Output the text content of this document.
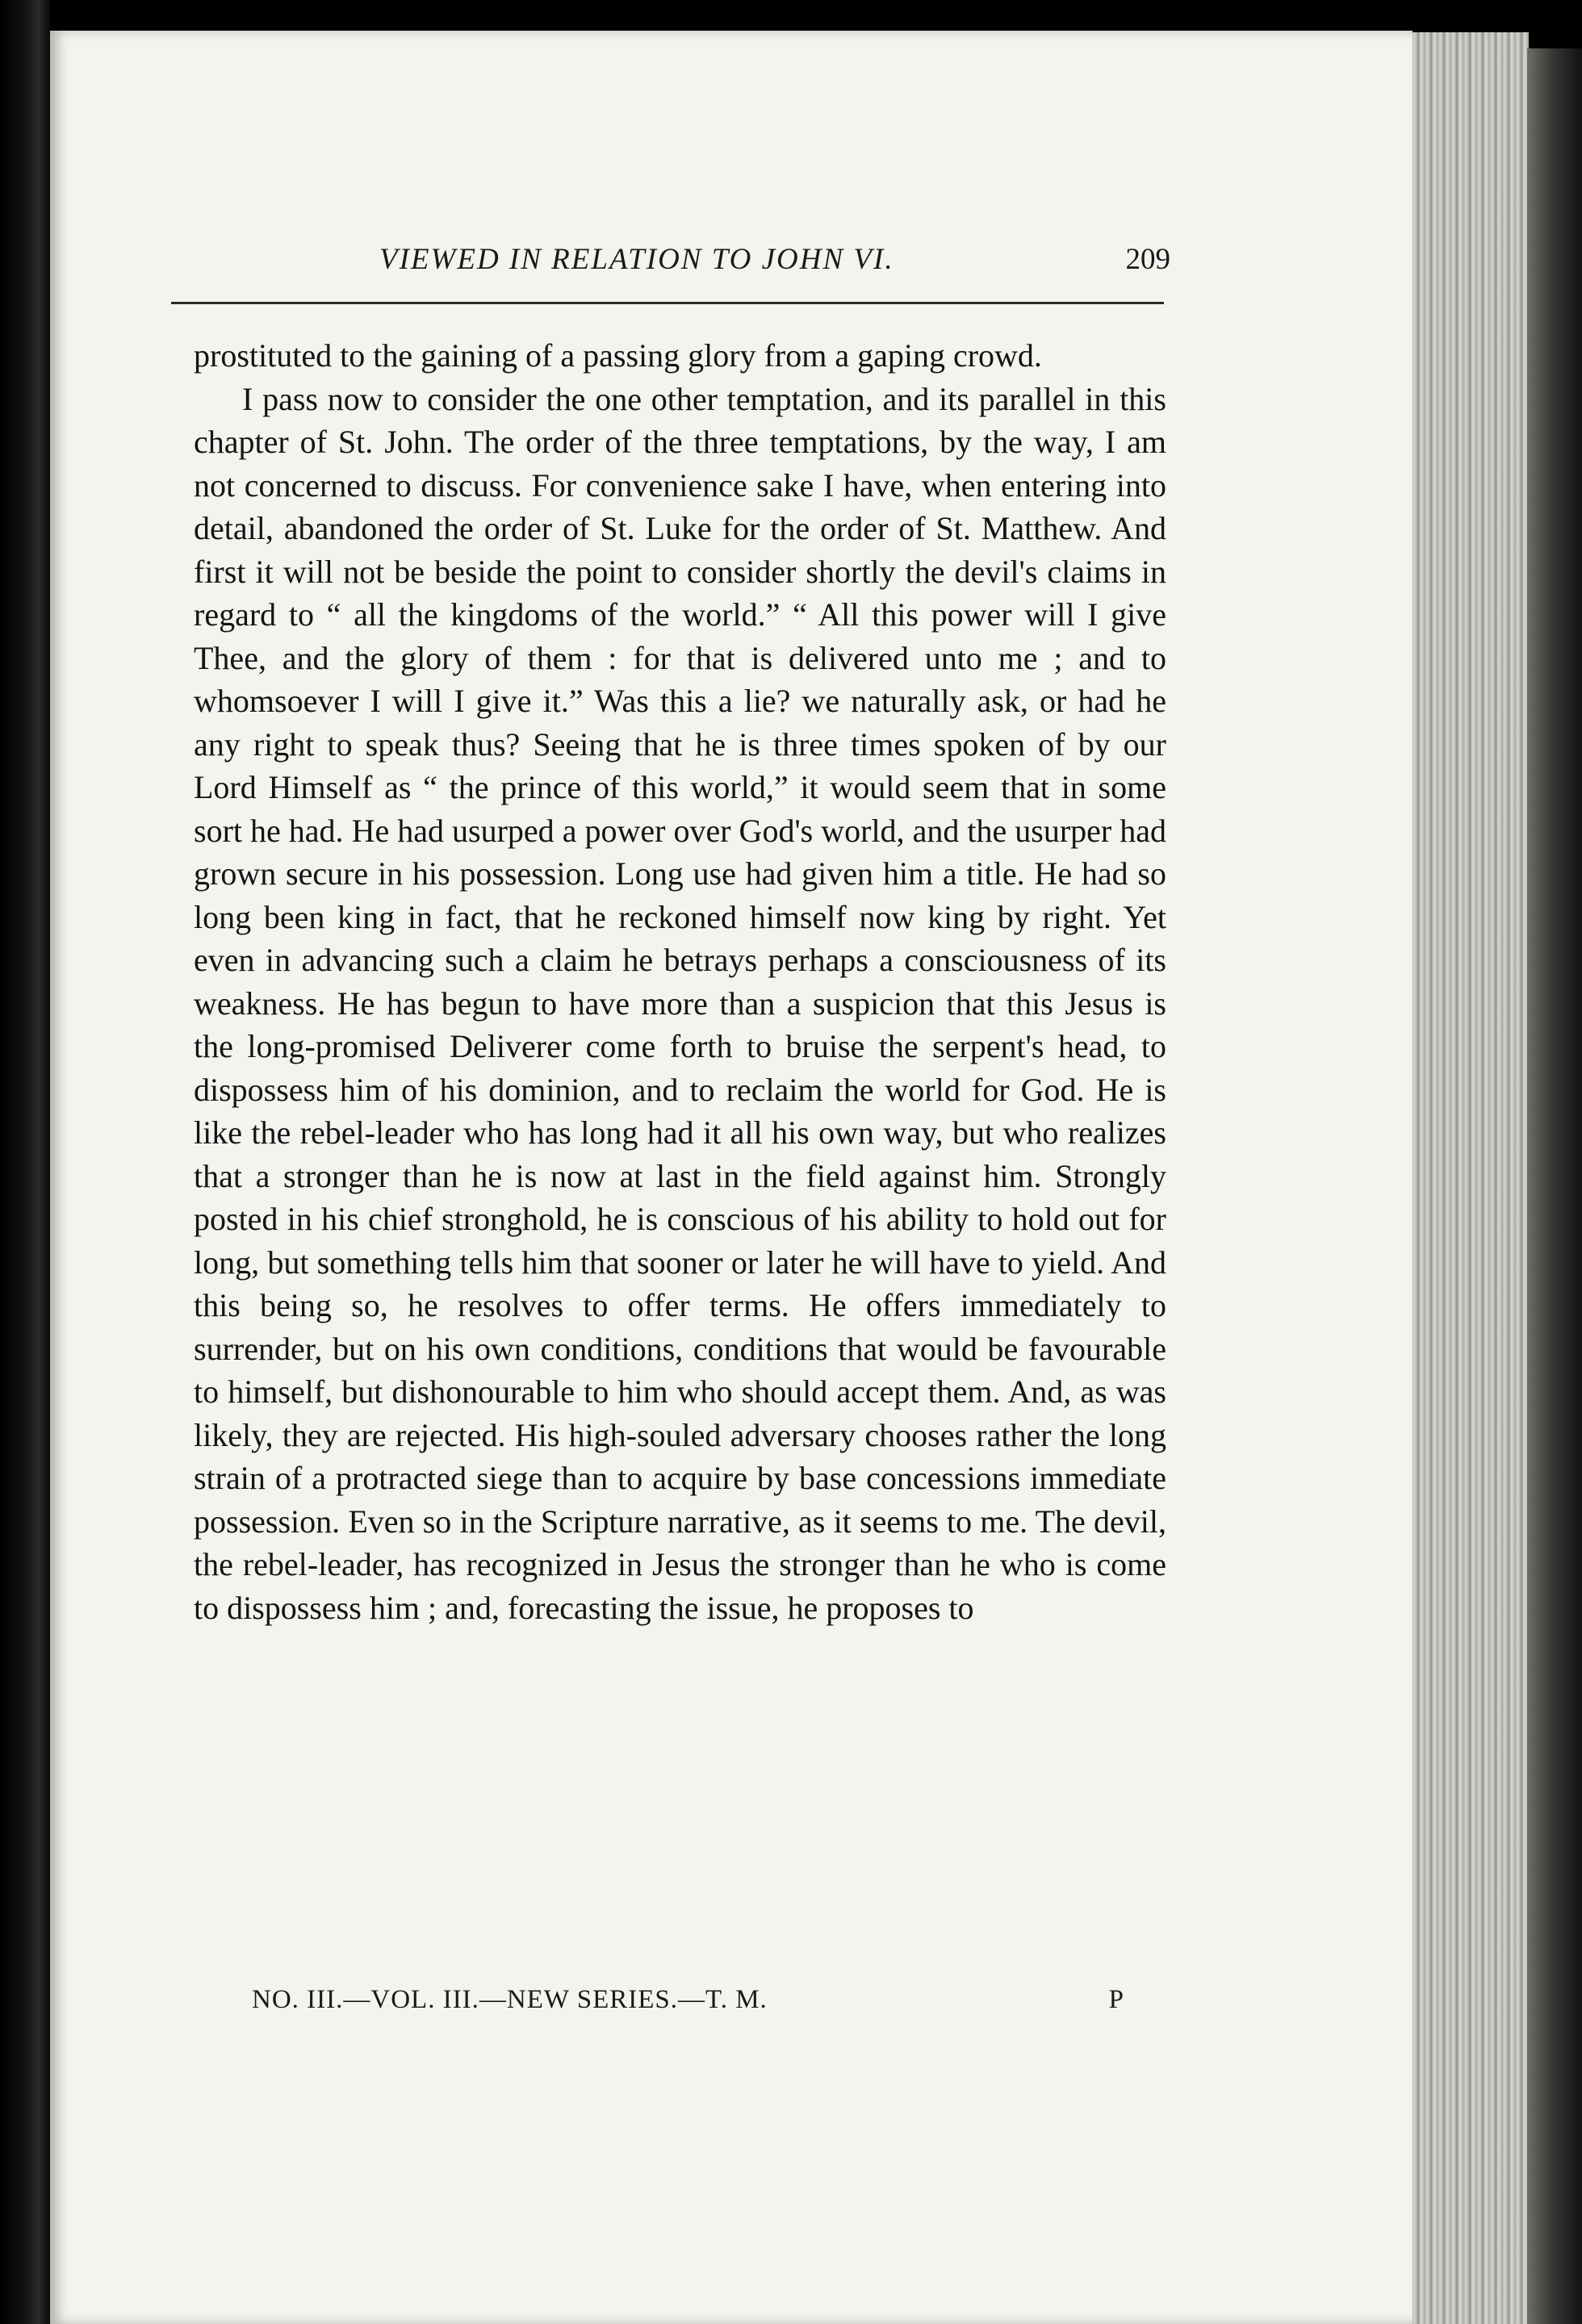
VIEWED IN RELATION TO JOHN VI.	209

prostituted to the gaining of a passing glory from a gaping crowd.

I pass now to consider the one other temptation, and its parallel in this chapter of St. John. The order of the three temptations, by the way, I am not concerned to discuss. For convenience sake I have, when entering into detail, abandoned the order of St. Luke for the order of St. Matthew. And first it will not be beside the point to consider shortly the devil's claims in regard to “ all the kingdoms of the world.” “ All this power will I give Thee, and the glory of them : for that is delivered unto me ; and to whomsoever I will I give it.” Was this a lie? we naturally ask, or had he any right to speak thus? Seeing that he is three times spoken of by our Lord Himself as “ the prince of this world,” it would seem that in some sort he had. He had usurped a power over God's world, and the usurper had grown secure in his possession. Long use had given him a title. He had so long been king in fact, that he reckoned himself now king by right. Yet even in advancing such a claim he betrays perhaps a consciousness of its weakness. He has begun to have more than a suspicion that this Jesus is the long-promised Deliverer come forth to bruise the serpent's head, to dispossess him of his dominion, and to reclaim the world for God. He is like the rebel-leader who has long had it all his own way, but who realizes that a stronger than he is now at last in the field against him. Strongly posted in his chief stronghold, he is conscious of his ability to hold out for long, but something tells him that sooner or later he will have to yield. And this being so, he resolves to offer terms. He offers immediately to surrender, but on his own conditions, conditions that would be favourable to himself, but dishonourable to him who should accept them. And, as was likely, they are rejected. His high-souled adversary chooses rather the long strain of a protracted siege than to acquire by base concessions immediate possession. Even so in the Scripture narrative, as it seems to me. The devil, the rebel-leader, has recognized in Jesus the stronger than he who is come to dispossess him ; and, forecasting the issue, he proposes to

NO. III.—VOL. III.—NEW SERIES.—T. M.	P
